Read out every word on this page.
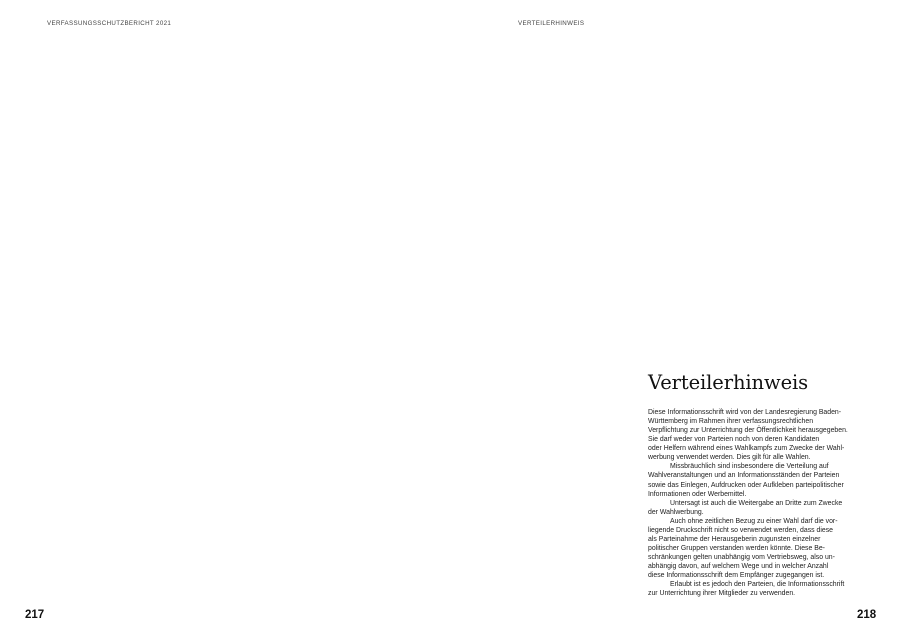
VERFASSUNGSSCHUTZBERICHT 2021
217
VERTEILERHINWEIS
Verteilerhinweis
Diese Informationsschrift wird von der Landesregierung Baden-
Württemberg im Rahmen ihrer verfassungsrechtlichen
Verpflichtung zur Unterrichtung der Öffentlichkeit herausgegeben.
Sie darf weder von Parteien noch von deren Kandidaten
oder Helfern während eines Wahlkampfs zum Zwecke der Wahl-
werbung verwendet werden. Dies gilt für alle Wahlen.
Missbräuchlich sind insbesondere die Verteilung auf
Wahlveranstaltungen und an Informationsständen der Parteien
sowie das Einlegen, Aufdrucken oder Aufkleben parteipolitischer
Informationen oder Werbemittel.
Untersagt ist auch die Weitergabe an Dritte zum Zwecke
der Wahlwerbung.
Auch ohne zeitlichen Bezug zu einer Wahl darf die vor-
liegende Druckschrift nicht so verwendet werden, dass diese
als Parteinahme der Herausgeberin zugunsten einzelner
politischer Gruppen verstanden werden könnte. Diese Be-
schränkungen gelten unabhängig vom Vertriebsweg, also un-
abhängig davon, auf welchem Wege und in welcher Anzahl
diese Informationsschrift dem Empfänger zugegangen ist.
Erlaubt ist es jedoch den Parteien, die Informationsschrift
zur Unterrichtung ihrer Mitglieder zu verwenden.
218
